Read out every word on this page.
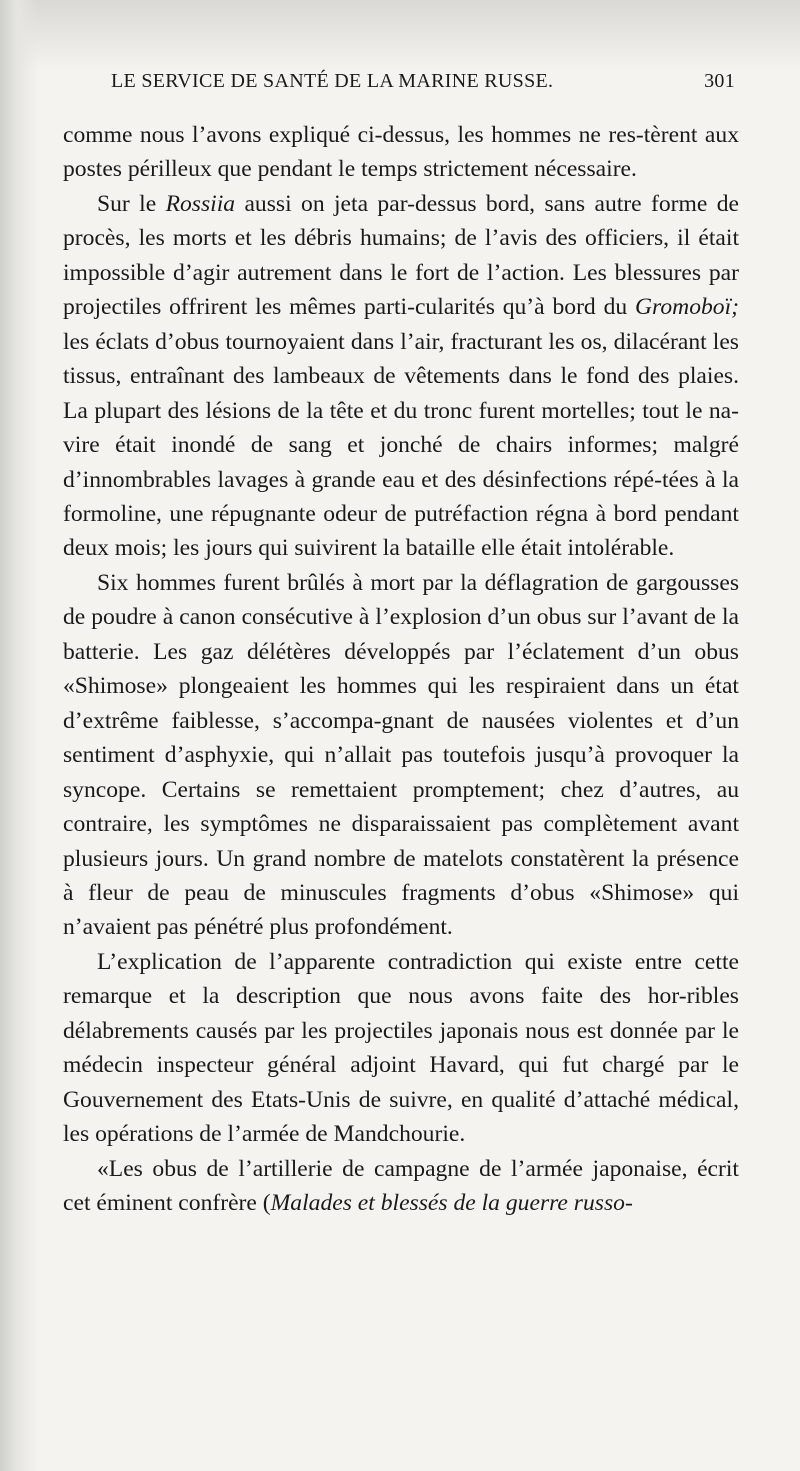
LE SERVICE DE SANTÉ DE LA MARINE RUSSE.	301

comme nous l’avons expliqué ci-dessus, les hommes ne res-tèrent aux postes périlleux que pendant le temps strictement nécessaire.

Sur le Rossiia aussi on jeta par-dessus bord, sans autre forme de procès, les morts et les débris humains; de l’avis des officiers, il était impossible d’agir autrement dans le fort de l’action. Les blessures par projectiles offrirent les mêmes parti-cularités qu’à bord du Gromoboï; les éclats d’obus tournoyaient dans l’air, fracturant les os, dilacérant les tissus, entraînant des lambeaux de vêtements dans le fond des plaies. La plupart des lésions de la tête et du tronc furent mortelles; tout le na-vire était inondé de sang et jonché de chairs informes; malgré d’innombrables lavages à grande eau et des désinfections répé-tées à la formoline, une répugnante odeur de putréfaction régna à bord pendant deux mois; les jours qui suivirent la bataille elle était intolérable.

Six hommes furent brûlés à mort par la déflagration de gargousses de poudre à canon consécutive à l’explosion d’un obus sur l’avant de la batterie. Les gaz délétères développés par l’éclatement d’un obus «Shimose» plongeaient les hommes qui les respiraient dans un état d’extrême faiblesse, s’accompa-gnant de nausées violentes et d’un sentiment d’asphyxie, qui n’allait pas toutefois jusqu’à provoquer la syncope. Certains se remettaient promptement; chez d’autres, au contraire, les symptômes ne disparaissaient pas complètement avant plusieurs jours. Un grand nombre de matelots constatèrent la présence à fleur de peau de minuscules fragments d’obus «Shimose» qui n’avaient pas pénétré plus profondément.

L’explication de l’apparente contradiction qui existe entre cette remarque et la description que nous avons faite des hor-ribles délabrements causés par les projectiles japonais nous est donnée par le médecin inspecteur général adjoint Havard, qui fut chargé par le Gouvernement des Etats-Unis de suivre, en qualité d’attaché médical, les opérations de l’armée de Mandchourie.

«Les obus de l’artillerie de campagne de l’armée japonaise, écrit cet éminent confrère (Malades et blessés de la guerre russo-
